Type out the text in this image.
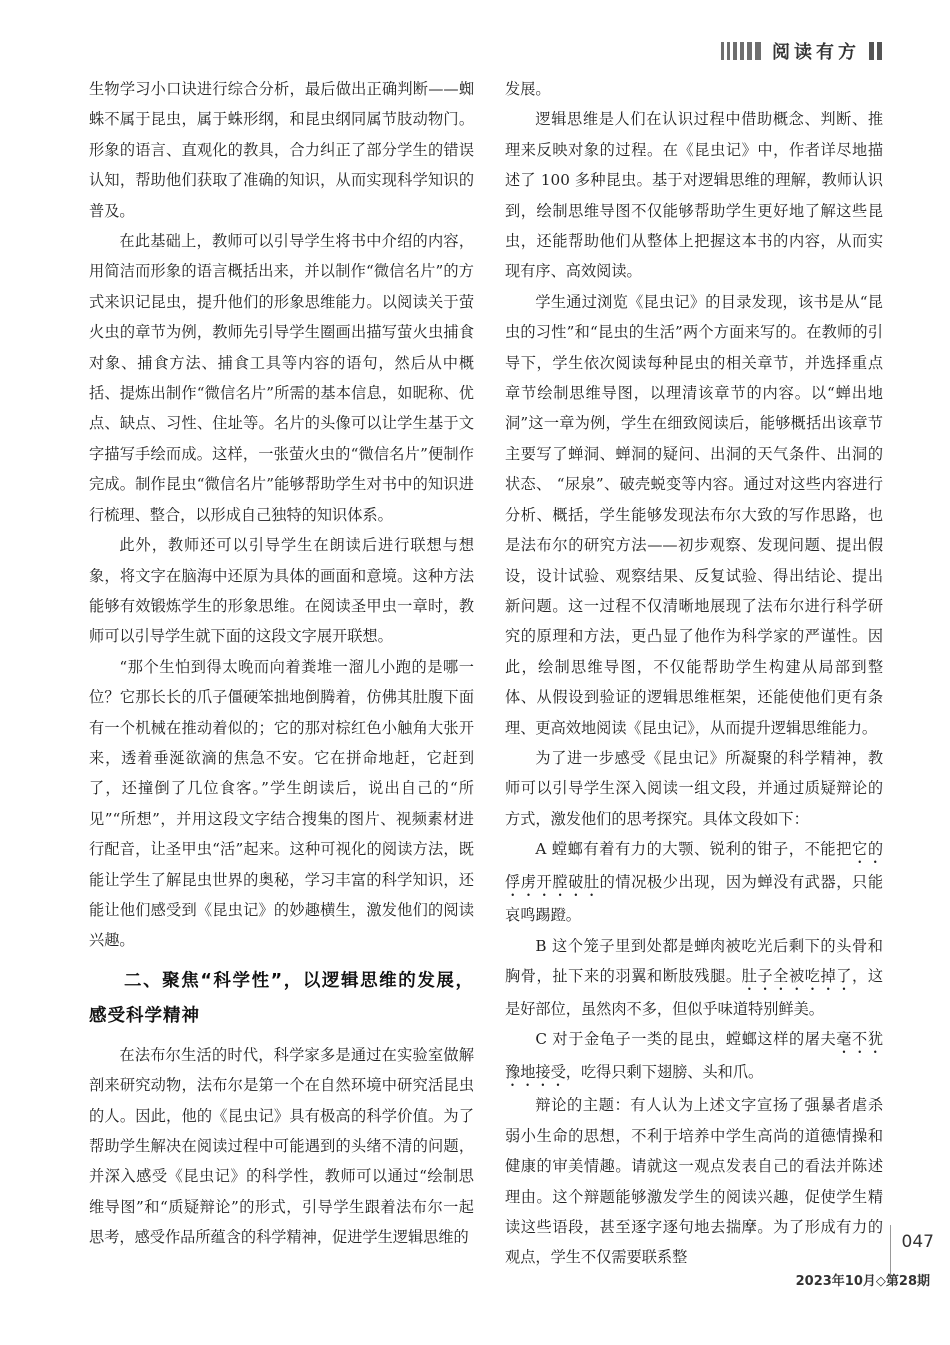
阅读有方

生物学习小口诀进行综合分析，最后做出正确判断——蜘蛛不属于昆虫，属于蛛形纲，和昆虫纲同属节肢动物门。形象的语言、直观化的教具，合力纠正了部分学生的错误认知，帮助他们获取了准确的知识，从而实现科学知识的普及。

在此基础上，教师可以引导学生将书中介绍的内容，用简洁而形象的语言概括出来，并以制作“微信名片”的方式来识记昆虫，提升他们的形象思维能力。以阅读关于萤火虫的章节为例，教师先引导学生圈画出描写萤火虫捕食对象、捕食方法、捕食工具等内容的语句，然后从中概括、提炼出制作“微信名片”所需的基本信息，如昵称、优点、缺点、习性、住址等。名片的头像可以让学生基于文字描写手绘而成。这样，一张萤火虫的“微信名片”便制作完成。制作昆虫“微信名片”能够帮助学生对书中的知识进行梳理、整合，以形成自己独特的知识体系。

此外，教师还可以引导学生在朗读后进行联想与想象，将文字在脑海中还原为具体的画面和意境。这种方法能够有效锻炼学生的形象思维。在阅读圣甲虫一章时，教师可以引导学生就下面的这段文字展开联想。

“那个生怕到得太晚而向着粪堆一溜儿小跑的是哪一位？它那长长的爪子僵硬笨拙地倒腾着，仿佛其肚腹下面有一个机械在推动着似的；它的那对棕红色小触角大张开来，透着垂涎欲滴的焦急不安。它在拼命地赶，它赶到了，还撞倒了几位食客。”学生朗读后，说出自己的“所见”“所想”，并用这段文字结合搜集的图片、视频素材进行配音，让圣甲虫“活”起来。这种可视化的阅读方法，既能让学生了解昆虫世界的奥秘，学习丰富的科学知识，还能让他们感受到《昆虫记》的妙趣横生，激发他们的阅读兴趣。

二、聚焦“科学性”，以逻辑思维的发展，感受科学精神

在法布尔生活的时代，科学家多是通过在实验室做解剖来研究动物，法布尔是第一个在自然环境中研究活昆虫的人。因此，他的《昆虫记》具有极高的科学价值。为了帮助学生解决在阅读过程中可能遇到的头绪不清的问题，并深入感受《昆虫记》的科学性，教师可以通过“绘制思维导图”和“质疑辩论”的形式，引导学生跟着法布尔一起思考，感受作品所蕴含的科学精神，促进学生逻辑思维的

发展。

逻辑思维是人们在认识过程中借助概念、判断、推理来反映对象的过程。在《昆虫记》中，作者详尽地描述了 100 多种昆虫。基于对逻辑思维的理解，教师认识到，绘制思维导图不仅能够帮助学生更好地了解这些昆虫，还能帮助他们从整体上把握这本书的内容，从而实现有序、高效阅读。

学生通过浏览《昆虫记》的目录发现，该书是从“昆虫的习性”和“昆虫的生活”两个方面来写的。在教师的引导下，学生依次阅读每种昆虫的相关章节，并选择重点章节绘制思维导图，以理清该章节的内容。以“蝉出地洞”这一章为例，学生在细致阅读后，能够概括出该章节主要写了蝉洞、蝉洞的疑问、出洞的天气条件、出洞的状态、 “尿泉”、破壳蜕变等内容。通过对这些内容进行分析、概括，学生能够发现法布尔大致的写作思路，也是法布尔的研究方法——初步观察、发现问题、提出假设，设计试验、观察结果、反复试验、得出结论、提出新问题。这一过程不仅清晰地展现了法布尔进行科学研究的原理和方法，更凸显了他作为科学家的严谨性。因此，绘制思维导图，不仅能帮助学生构建从局部到整体、从假设到验证的逻辑思维框架，还能使他们更有条理、更高效地阅读《昆虫记》，从而提升逻辑思维能力。

为了进一步感受《昆虫记》所凝聚的科学精神，教师可以引导学生深入阅读一组文段，并通过质疑辩论的方式，激发他们的思考探究。具体文段如下：

A 螳螂有着有力的大颚、锐利的钳子，不能把它的俘虏开膛破肚的情况极少出现，因为蝉没有武器，只能哀鸣踢蹬。

B 这个笼子里到处都是蝉肉被吃光后剩下的头骨和胸骨，扯下来的羽翼和断肢残腿。肚子全被吃掉了，这是好部位，虽然肉不多，但似乎味道特别鲜美。

C 对于金龟子一类的昆虫，螳螂这样的屠夫毫不犹豫地接受，吃得只剩下翅膀、头和爪。

辩论的主题：有人认为上述文字宣扬了强暴者虐杀弱小生命的思想，不利于培养中学生高尚的道德情操和健康的审美情趣。请就这一观点发表自己的看法并陈述理由。这个辩题能够激发学生的阅读兴趣，促使学生精读这些语段，甚至逐字逐句地去揣摩。为了形成有力的观点，学生不仅需要联系整

047
2023年10月◇第28期
